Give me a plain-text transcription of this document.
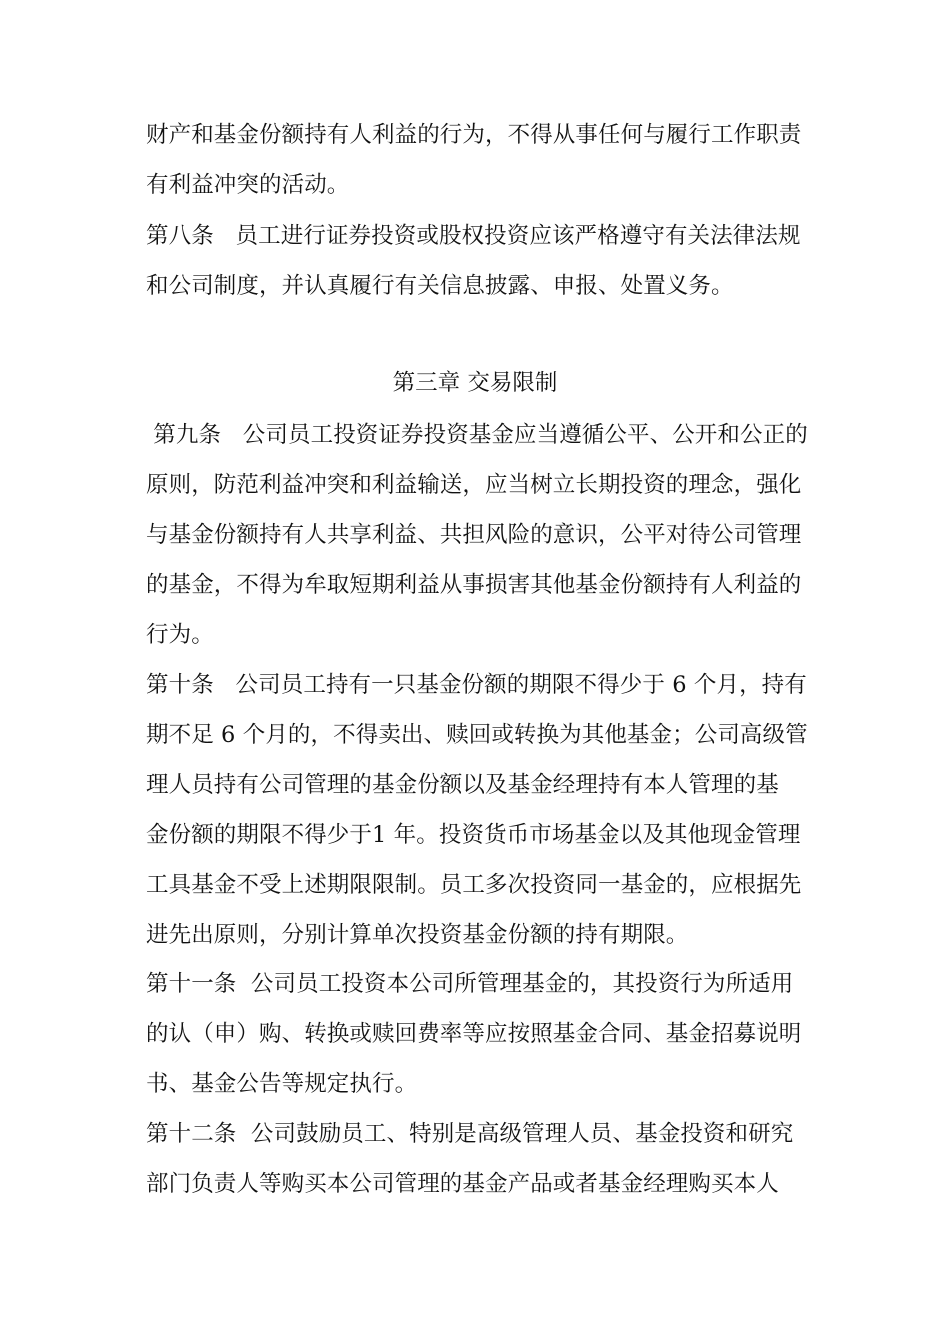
财产和基金份额持有人利益的行为，不得从事任何与履行工作职责
有利益冲突的活动。
第八条   员工进行证券投资或股权投资应该严格遵守有关法律法规
和公司制度，并认真履行有关信息披露、申报、处置义务。
第三章 交易限制
第九条   公司员工投资证券投资基金应当遵循公平、公开和公正的
原则，防范利益冲突和利益输送，应当树立长期投资的理念，强化
与基金份额持有人共享利益、共担风险的意识，公平对待公司管理
的基金，不得为牟取短期利益从事损害其他基金份额持有人利益的
行为。
第十条   公司员工持有一只基金份额的期限不得少于 6 个月，持有
期不足 6 个月的，不得卖出、赎回或转换为其他基金；公司高级管
理人员持有公司管理的基金份额以及基金经理持有本人管理的基
金份额的期限不得少于1 年。投资货币市场基金以及其他现金管理
工具基金不受上述期限限制。员工多次投资同一基金的，应根据先
进先出原则，分别计算单次投资基金份额的持有期限。
第十一条  公司员工投资本公司所管理基金的，其投资行为所适用
的认（申）购、转换或赎回费率等应按照基金合同、基金招募说明
书、基金公告等规定执行。
第十二条  公司鼓励员工、特别是高级管理人员、基金投资和研究
部门负责人等购买本公司管理的基金产品或者基金经理购买本人
